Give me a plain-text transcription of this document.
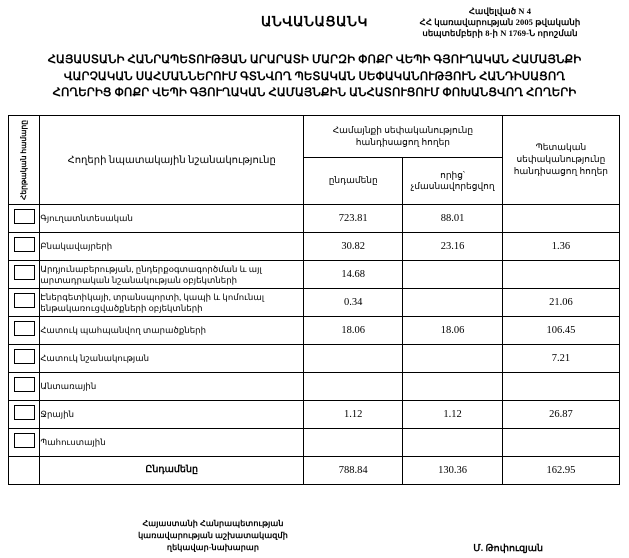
Հավելված N 4
ՀՀ կառավարության 2005 թվականի
սեպտեմբերի 8-ի N 1769-Ն որոշման
ԱՆՎԱՆԱՑԱՆԿ
ՀԱՅԱՍՏԱՆԻ ՀԱՆՐԱՊԵՏՈՒԹՅԱՆ ԱՐԱՐԱՏԻ ՄԱՐԶԻ ՓՈՔՐ ՎԵՊԻ ԳՅՈՒՂԱԿԱՆ ՀԱՄԱՅՆՔԻ
ՎԱՐՉԱԿԱՆ ՍԱՀՄԱՆՆԵՐՈՒՄ ԳՏՆՎՈՂ ՊԵՏԱԿԱՆ ՍԵՓԱԿԱՆՈՒԹՅՈՒՆ ՀԱՆԴԻՍԱՑՈՂ
ՀՈՂԵՐԻՑ ՓՈՔՐ ՎԵՊԻ ԳՅՈՒՂԱԿԱՆ ՀԱՄԱՅՆՔԻՆ ԱՆՀԱՏՈՒՑՈՒՄ ՓՈԽԱՆՑՎՈՂ ՀՈՂԵՐԻ
Հերթական համարը	Հողերի նպատակային նշանակությունը	Համայնքի սեփականությունը հանդիսացող հողեր		Պետական սեփականությունը հանդիսացող հողեր
		ընդամենը	որից՝ չմասնավորեցվող	
	Գյուղատնտեսական	723.81	88.01	
	Բնակավայրերի	30.82	23.16	1.36
	Արդյունաբերության, ընդերքօգտագործման և այլ արտադրական նշանակության օբյեկտների	14.68		
	Էներգետիկայի, տրանսպորտի, կապի և կոմունալ ենթակառուցվածքների օբյեկտների	0.34		21.06
	Հատուկ պահպանվող տարածքների	18.06	18.06	106.45
	Հատուկ նշանակության			7.21
	Անտառային			
	Ջրային	1.12	1.12	26.87
	Պահուստային			
	Ընդամենը	788.84	130.36	162.95
Հայաստանի Հանրապետության
կառավարության աշխատակազմի
ղեկավար-նախարար	Մ. Թոփուզյան
